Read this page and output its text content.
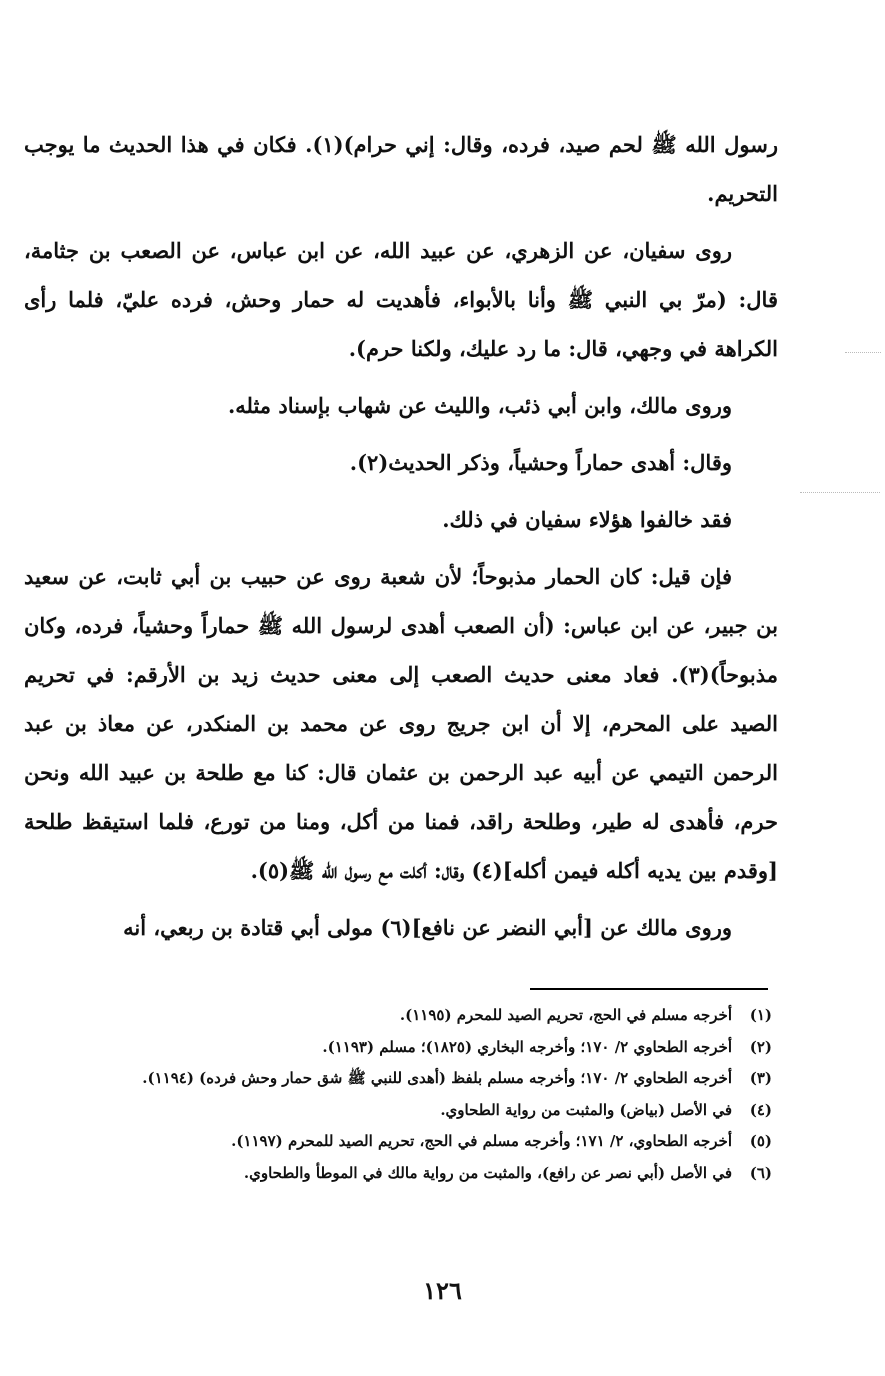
رسول الله ﷺ لحم صيد، فرده، وقال: إني حرام)(١). فكان في هذا الحديث ما يوجب التحريم.

روى سفيان، عن الزهري، عن عبيد الله، عن ابن عباس، عن الصعب بن جثامة، قال: (مرّ بي النبي ﷺ وأنا بالأبواء، فأهديت له حمار وحش، فرده عليّ، فلما رأى الكراهة في وجهي، قال: ما رد عليك، ولكنا حرم).

وروى مالك، وابن أبي ذئب، والليث عن شهاب بإسناد مثله.

وقال: أهدى حماراً وحشياً، وذكر الحديث(٢).

فقد خالفوا هؤلاء سفيان في ذلك.

فإن قيل: كان الحمار مذبوحاً؛ لأن شعبة روى عن حبيب بن أبي ثابت، عن سعيد بن جبير، عن ابن عباس: (أن الصعب أهدى لرسول الله ﷺ حماراً وحشياً، فرده، وكان مذبوحاً)(٣). فعاد معنى حديث الصعب إلى معنى حديث زيد بن الأرقم: في تحريم الصيد على المحرم، إلا أن ابن جريج روى عن محمد بن المنكدر، عن معاذ بن عبد الرحمن التيمي عن أبيه عبد الرحمن بن عثمان قال: كنا مع طلحة بن عبيد الله ونحن حرم، فأهدى له طير، وطلحة راقد، فمنا من أكل، ومنا من تورع، فلما استيقظ طلحة [وقدم بين يديه أكله فيمن أكله](٤) وقال: أكلت مع رسول الله ﷺ(٥).

وروى مالك عن [أبي النضر عن نافع](٦) مولى أبي قتادة بن ربعي، أنه

(١)
أخرجه مسلم في الحج، تحريم الصيد للمحرم (١١٩٥).
(٢)
أخرجه الطحاوي ٢/ ١٧٠؛ وأخرجه البخاري (١٨٢٥)؛ مسلم (١١٩٣).
(٣)
أخرجه الطحاوي ٢/ ١٧٠؛ وأخرجه مسلم بلفظ (أهدى للنبي ﷺ شق حمار وحش فرده) (١١٩٤).
(٤)
في الأصل (بياض) والمثبت من رواية الطحاوي.
(٥)
أخرجه الطحاوي، ٢/ ١٧١؛ وأخرجه مسلم في الحج، تحريم الصيد للمحرم (١١٩٧).
(٦)
في الأصل (أبي نصر عن رافع)، والمثبت من رواية مالك في الموطأ والطحاوي.
١٢٦
